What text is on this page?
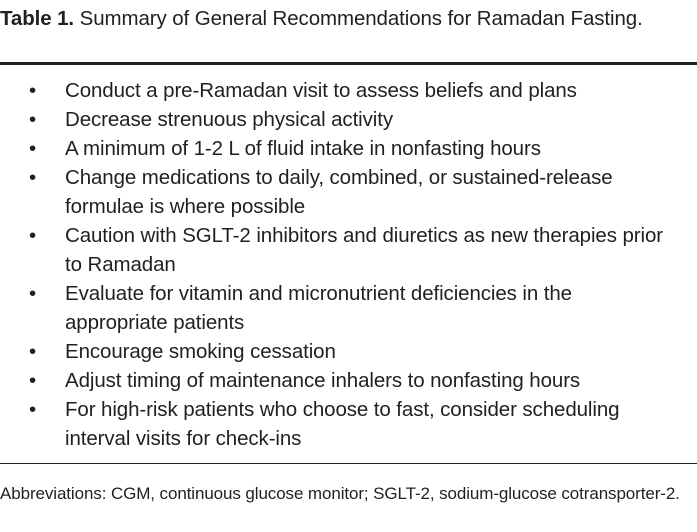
Table 1. Summary of General Recommendations for Ramadan Fasting.
• Conduct a pre-Ramadan visit to assess beliefs and plans
• Decrease strenuous physical activity
• A minimum of 1-2 L of fluid intake in nonfasting hours
• Change medications to daily, combined, or sustained-release formulae is where possible
• Caution with SGLT-2 inhibitors and diuretics as new therapies prior to Ramadan
• Evaluate for vitamin and micronutrient deficiencies in the appropriate patients
• Encourage smoking cessation
• Adjust timing of maintenance inhalers to nonfasting hours
• For high-risk patients who choose to fast, consider scheduling interval visits for check-ins
Abbreviations: CGM, continuous glucose monitor; SGLT-2, sodium-glucose cotransporter-2.
